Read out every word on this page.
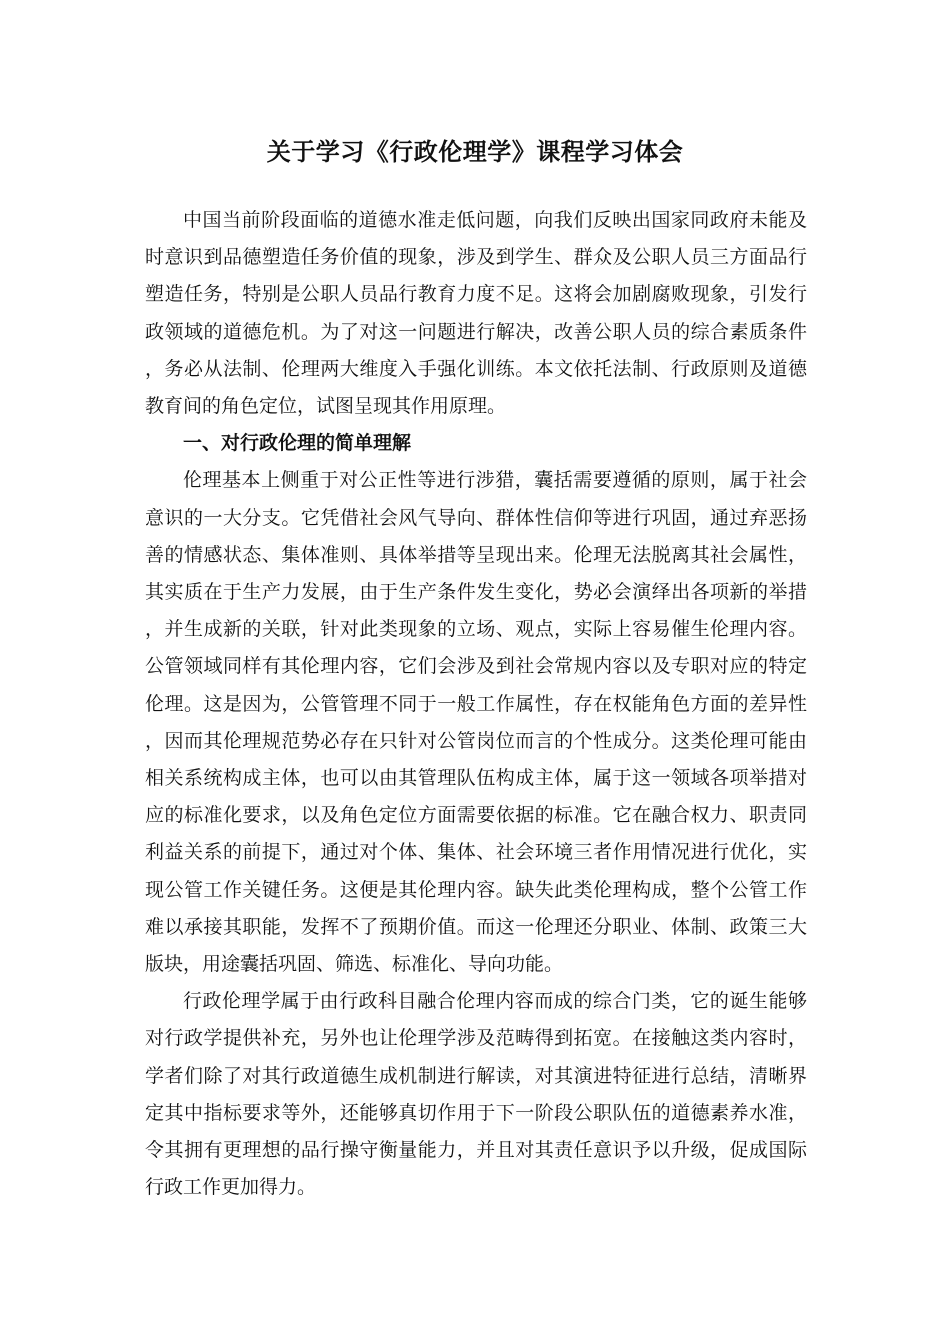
关于学习《行政伦理学》课程学习体会

中国当前阶段面临的道德水准走低问题，向我们反映出国家同政府未能及时意识到品德塑造任务价值的现象，涉及到学生、群众及公职人员三方面品行塑造任务，特别是公职人员品行教育力度不足。这将会加剧腐败现象，引发行政领域的道德危机。为了对这一问题进行解决，改善公职人员的综合素质条件，务必从法制、伦理两大维度入手强化训练。本文依托法制、行政原则及道德教育间的角色定位，试图呈现其作用原理。

一、对行政伦理的简单理解

伦理基本上侧重于对公正性等进行涉猎，囊括需要遵循的原则，属于社会意识的一大分支。它凭借社会风气导向、群体性信仰等进行巩固，通过弃恶扬善的情感状态、集体准则、具体举措等呈现出来。伦理无法脱离其社会属性，其实质在于生产力发展，由于生产条件发生变化，势必会演绎出各项新的举措，并生成新的关联，针对此类现象的立场、观点，实际上容易催生伦理内容。公管领域同样有其伦理内容，它们会涉及到社会常规内容以及专职对应的特定伦理。这是因为，公管管理不同于一般工作属性，存在权能角色方面的差异性，因而其伦理规范势必存在只针对公管岗位而言的个性成分。这类伦理可能由相关系统构成主体，也可以由其管理队伍构成主体，属于这一领域各项举措对应的标准化要求，以及角色定位方面需要依据的标准。它在融合权力、职责同利益关系的前提下，通过对个体、集体、社会环境三者作用情况进行优化，实现公管工作关键任务。这便是其伦理内容。缺失此类伦理构成，整个公管工作难以承接其职能，发挥不了预期价值。而这一伦理还分职业、体制、政策三大版块，用途囊括巩固、筛选、标准化、导向功能。

行政伦理学属于由行政科目融合伦理内容而成的综合门类，它的诞生能够对行政学提供补充，另外也让伦理学涉及范畴得到拓宽。在接触这类内容时，学者们除了对其行政道德生成机制进行解读，对其演进特征进行总结，清晰界定其中指标要求等外，还能够真切作用于下一阶段公职队伍的道德素养水准，令其拥有更理想的品行操守衡量能力，并且对其责任意识予以升级，促成国际行政工作更加得力。
